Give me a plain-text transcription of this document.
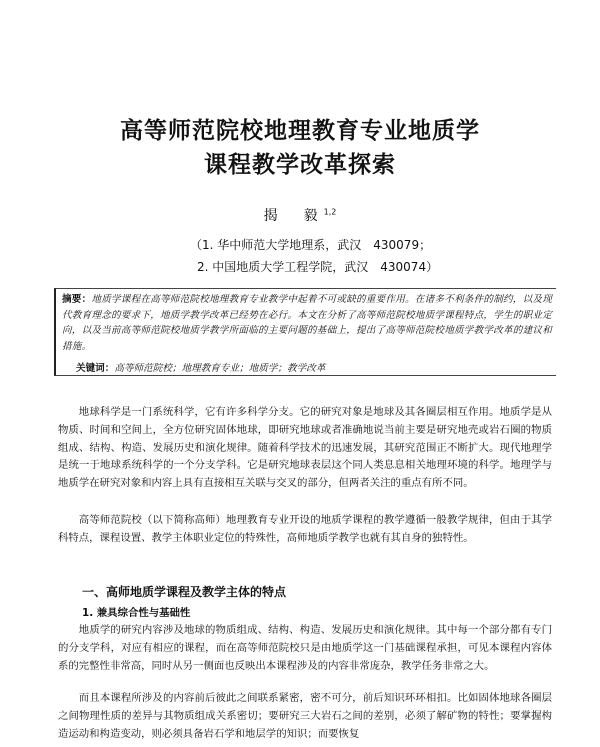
高等师范院校地理教育专业地质学
课程教学改革探索
揭　毅$^{1,2}$
（1. 华中师范大学地理系，武汉　430079；
2. 中国地质大学工程学院，武汉　430074）
摘要：地质学课程在高等师范院校地理教育专业教学中起着不可或缺的重要作用。在诸多不利条件的制约，以及现代教育理念的要求下，地质学教学改革已经势在必行。本文在分析了高等师范院校地质学课程特点，学生的职业定向，以及当前高等师范院校地质学教学所面临的主要问题的基础上，提出了高等师范院校地质学教学改革的建议和措施。
关键词：高等师范院校；地理教育专业；地质学；教学改革
地球科学是一门系统科学，它有许多科学分支。它的研究对象是地球及其各圈层相互作用。地质学是从物质、时间和空间上，全方位研究固体地球，即研究地球或者准确地说当前主要是研究地壳或岩石圈的物质组成、结构、构造、发展历史和演化规律。随着科学技术的迅速发展，其研究范围正不断扩大。现代地理学是统一于地球系统科学的一个分支学科。它是研究地球表层这个同人类息息相关地理环境的科学。地理学与地质学在研究对象和内容上具有直接相互关联与交叉的部分，但两者关注的重点有所不同。
高等师范院校（以下简称高师）地理教育专业开设的地质学课程的教学遵循一般教学规律，但由于其学科特点，课程设置、教学主体职业定位的特殊性，高师地质学教学也就有其自身的独特性。
一、高师地质学课程及教学主体的特点
1. 兼具综合性与基础性
地质学的研究内容涉及地球的物质组成、结构、构造、发展历史和演化规律。其中每一个部分都有专门的分支学科，对应有相应的课程，而在高等师范院校只是由地质学这一门基础课程承担，可见本课程内容体系的完整性非常高，同时从另一侧面也反映出本课程涉及的内容非常庞杂，教学任务非常之大。
而且本课程所涉及的内容前后彼此之间联系紧密，密不可分，前后知识环环相扣。比如固体地球各圈层之间物理性质的差异与其物质组成关系密切；要研究三大岩石之间的差别，必须了解矿物的特性；要掌握构造运动和构造变动，则必须具备岩石学和地层学的知识；而要恢复
